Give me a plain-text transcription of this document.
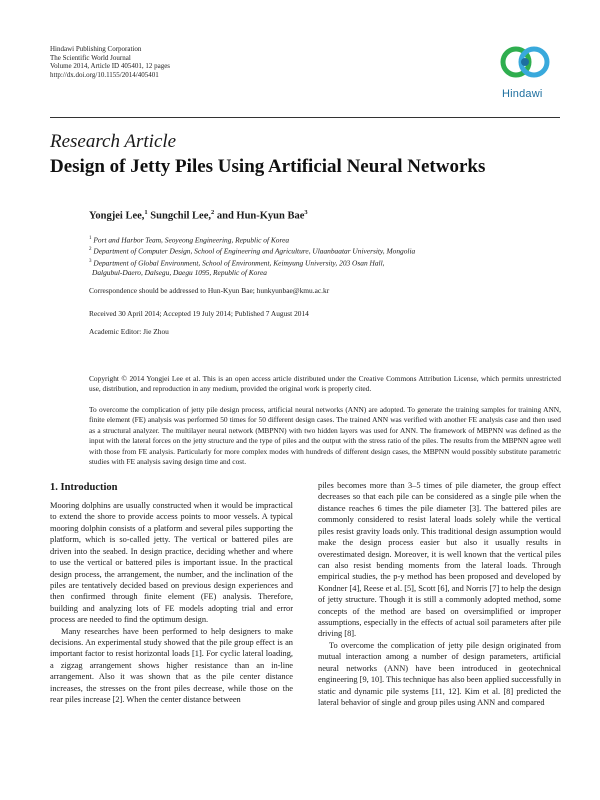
Hindawi Publishing Corporation
The Scientific World Journal
Volume 2014, Article ID 405401, 12 pages
http://dx.doi.org/10.1155/2014/405401
Hindawi
Research Article
Design of Jetty Piles Using Artificial Neural Networks
Yongjei Lee,$^1$ Sungchil Lee,$^2$ and Hun-Kyun Bae$^3$
$^1$ Port and Harbor Team, Seoyeong Engineering, Republic of Korea
$^2$ Department of Computer Design, School of Engineering and Agriculture, Ulaanbaatar University, Mongolia
$^3$ Department of Global Environment, School of Environment, Keimyung University, 203 Osan Hall,
Dalgubul-Daero, Dalsegu, Daegu 1095, Republic of Korea
Correspondence should be addressed to Hun-Kyun Bae; hunkyunbae@kmu.ac.kr
Received 30 April 2014; Accepted 19 July 2014; Published 7 August 2014
Academic Editor: Jie Zhou
Copyright © 2014 Yongjei Lee et al. This is an open access article distributed under the Creative Commons Attribution License, which permits unrestricted use, distribution, and reproduction in any medium, provided the original work is properly cited.
To overcome the complication of jetty pile design process, artificial neural networks (ANN) are adopted. To generate the training samples for training ANN, finite element (FE) analysis was performed 50 times for 50 different design cases. The trained ANN was verified with another FE analysis case and then used as a structural analyzer. The multilayer neural network (MBPNN) with two hidden layers was used for ANN. The framework of MBPNN was defined as the input with the lateral forces on the jetty structure and the type of piles and the output with the stress ratio of the piles. The results from the MBPNN agree well with those from FE analysis. Particularly for more complex modes with hundreds of different design cases, the MBPNN would possibly substitute parametric studies with FE analysis saving design time and cost.
1. Introduction

Mooring dolphins are usually constructed when it would be impractical to extend the shore to provide access points to moor vessels. A typical mooring dolphin consists of a platform and several piles supporting the platform, which is so-called jetty. The vertical or battered piles are driven into the seabed. In design practice, deciding whether and where to use the vertical or battered piles is important issue. In the practical design process, the arrangement, the number, and the inclination of the piles are tentatively decided based on previous design experiences and then confirmed through finite element (FE) analysis. Therefore, building and analyzing lots of FE models adopting trial and error process are needed to find the optimum design.

Many researches have been performed to help designers to make decisions. An experimental study showed that the pile group effect is an important factor to resist horizontal loads [1]. For cyclic lateral loading, a zigzag arrangement shows higher resistance than an in-line arrangement. Also it was shown that as the pile center distance increases, the stresses on the front piles decrease, while those on the rear piles increase [2]. When the center distance between

piles becomes more than 3–5 times of pile diameter, the group effect decreases so that each pile can be considered as a single pile when the distance reaches 6 times the pile diameter [3]. The battered piles are commonly considered to resist lateral loads solely while the vertical piles resist gravity loads only. This traditional design assumption would make the design process easier but also it usually results in overestimated design. Moreover, it is well known that the vertical piles can also resist bending moments from the lateral loads. Through empirical studies, the p-y method has been proposed and developed by Kondner [4], Reese et al. [5], Scott [6], and Norris [7] to help the design of jetty structure. Though it is still a commonly adopted method, some concepts of the method are based on oversimplified or improper assumptions, especially in the effects of actual soil parameters after pile driving [8].

To overcome the complication of jetty pile design originated from mutual interaction among a number of design parameters, artificial neural networks (ANN) have been introduced in geotechnical engineering [9, 10]. This technique has also been applied successfully in static and dynamic pile systems [11, 12]. Kim et al. [8] predicted the lateral behavior of single and group piles using ANN and compared
